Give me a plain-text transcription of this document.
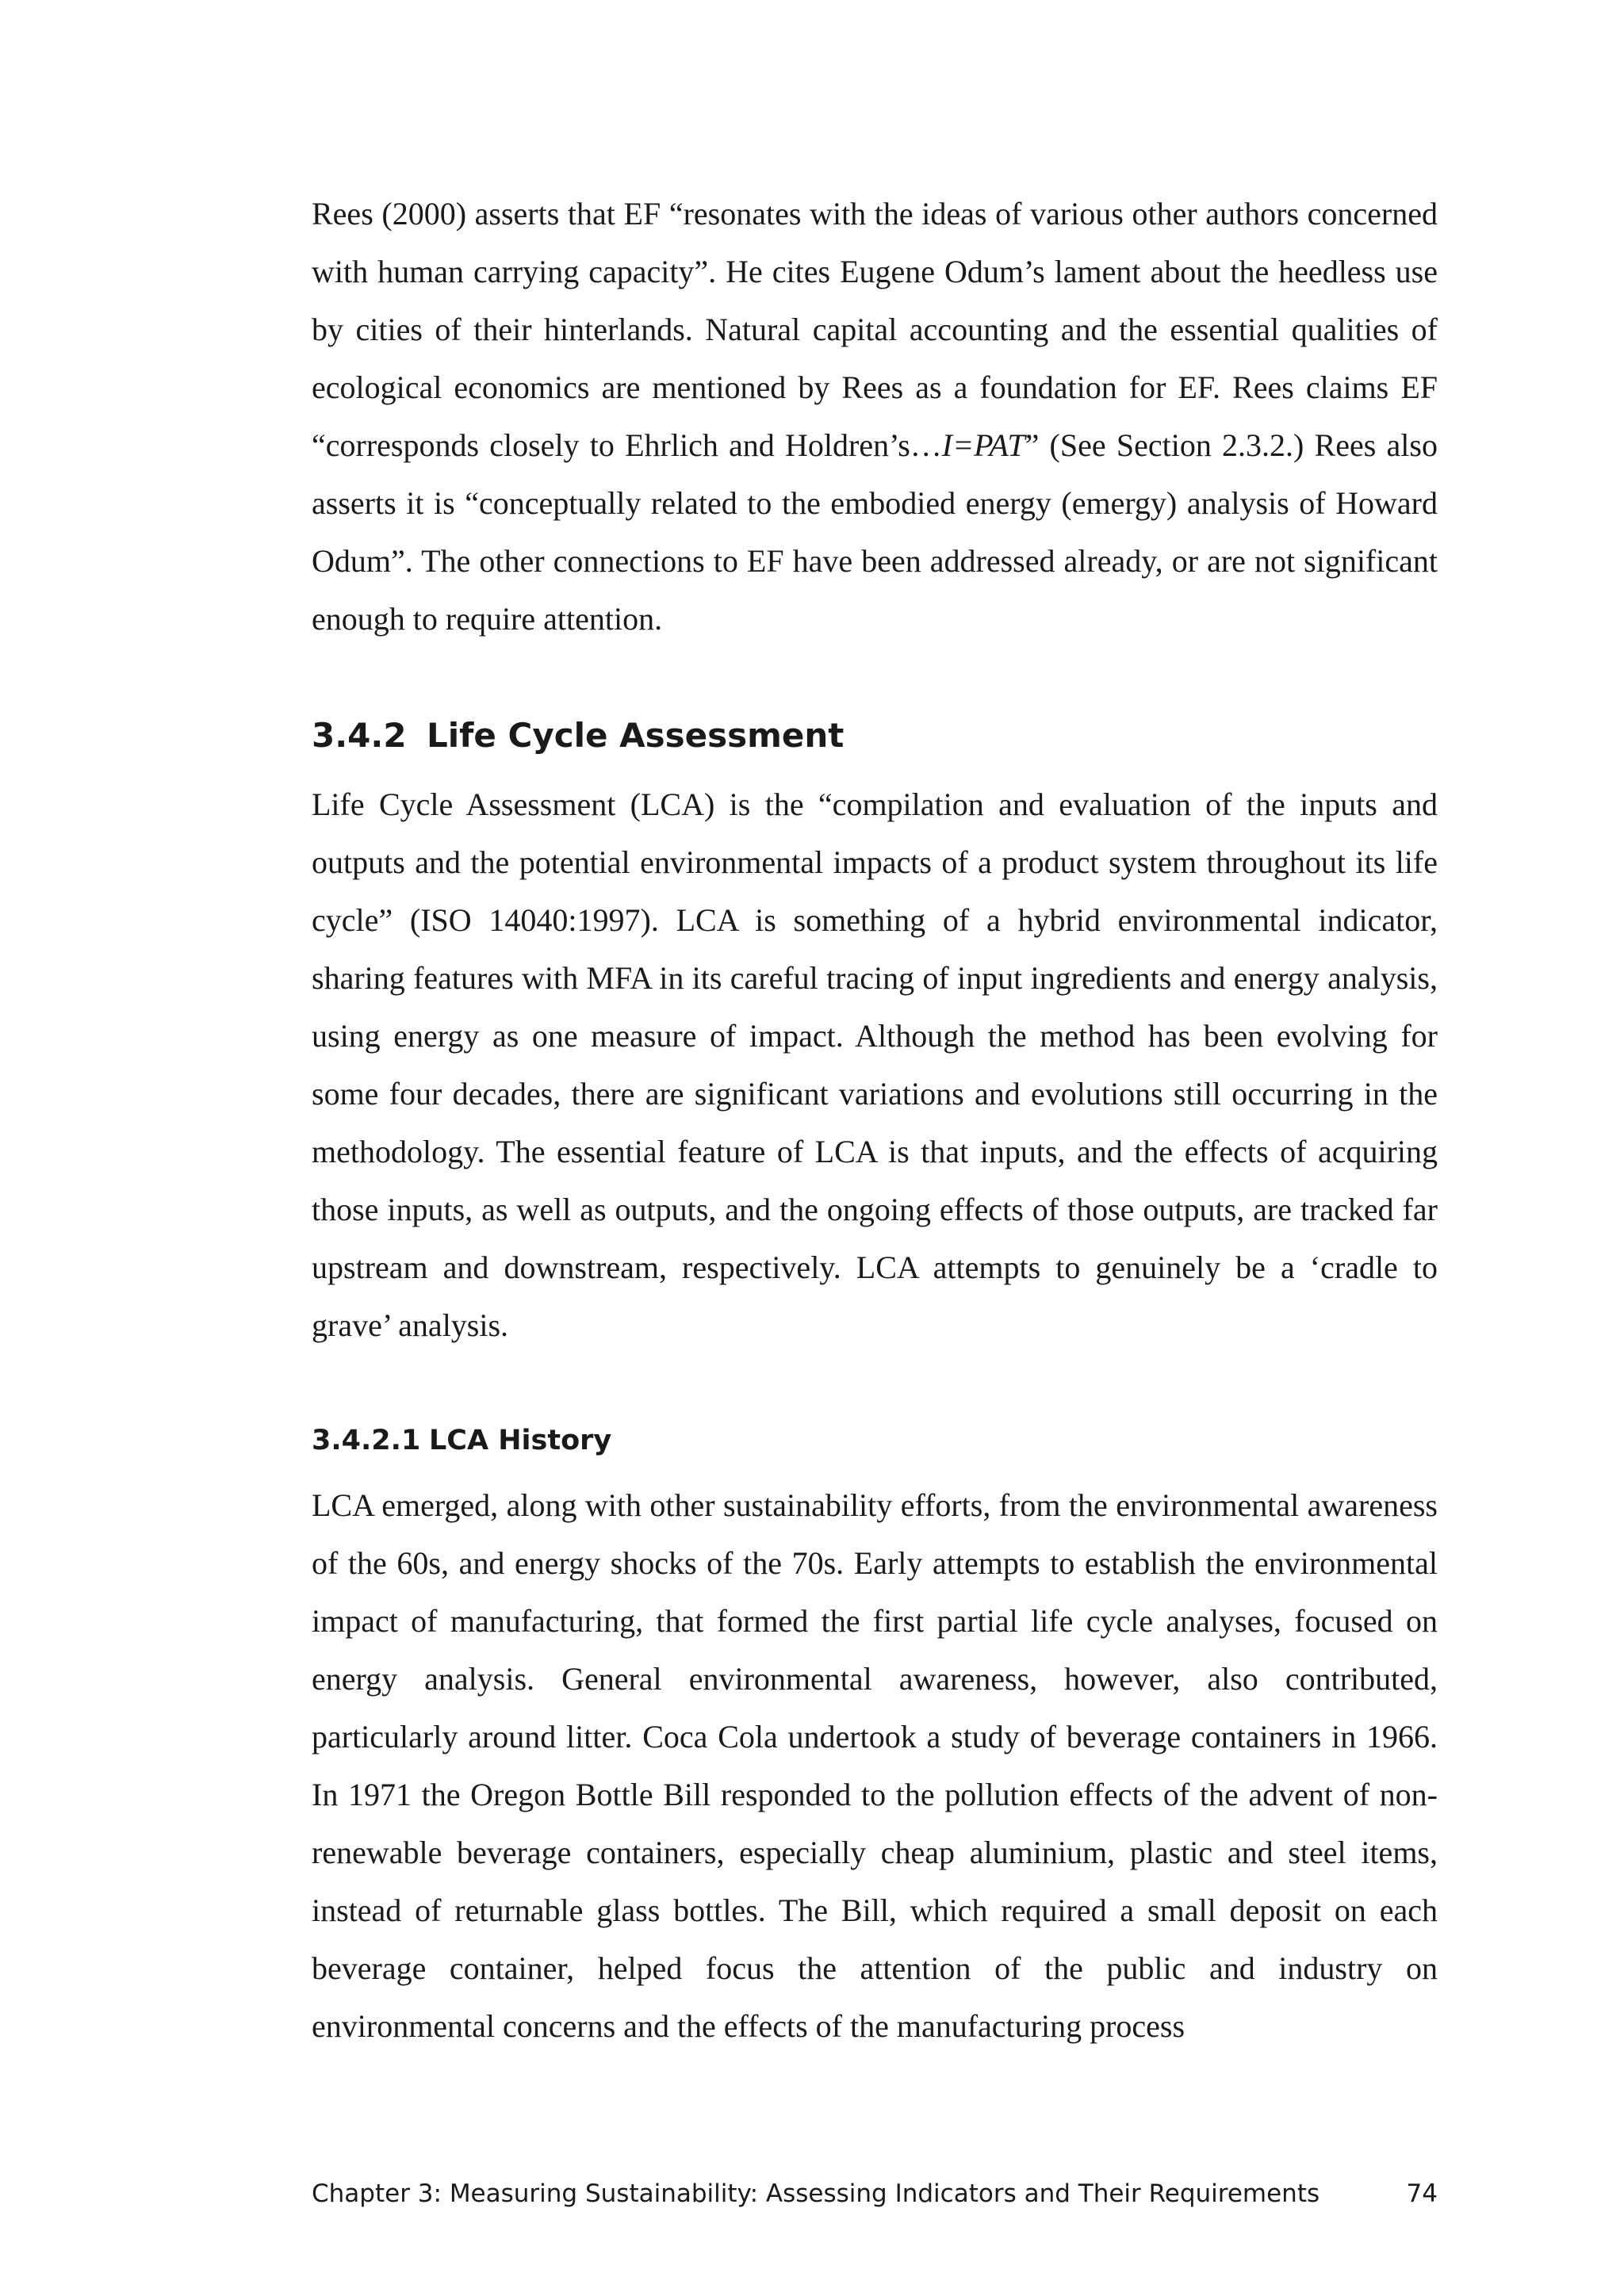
Rees (2000) asserts that EF “resonates with the ideas of various other authors concerned with human carrying capacity”. He cites Eugene Odum’s lament about the heedless use by cities of their hinterlands. Natural capital accounting and the essential qualities of ecological economics are mentioned by Rees as a foundation for EF. Rees claims EF “corresponds closely to Ehrlich and Holdren’s…I=PAT” (See Section 2.3.2.) Rees also asserts it is “conceptually related to the embodied energy (emergy) analysis of Howard Odum”. The other connections to EF have been addressed already, or are not significant enough to require attention.

3.4.2 Life Cycle Assessment

Life Cycle Assessment (LCA) is the “compilation and evaluation of the inputs and outputs and the potential environmental impacts of a product system throughout its life cycle” (ISO 14040:1997). LCA is something of a hybrid environmental indicator, sharing features with MFA in its careful tracing of input ingredients and energy analysis, using energy as one measure of impact. Although the method has been evolving for some four decades, there are significant variations and evolutions still occurring in the methodology. The essential feature of LCA is that inputs, and the effects of acquiring those inputs, as well as outputs, and the ongoing effects of those outputs, are tracked far upstream and downstream, respectively. LCA attempts to genuinely be a ‘cradle to grave’ analysis.

3.4.2.1 LCA History

LCA emerged, along with other sustainability efforts, from the environmental awareness of the 60s, and energy shocks of the 70s. Early attempts to establish the environmental impact of manufacturing, that formed the first partial life cycle analyses, focused on energy analysis. General environmental awareness, however, also contributed, particularly around litter. Coca Cola undertook a study of beverage containers in 1966. In 1971 the Oregon Bottle Bill responded to the pollution effects of the advent of non-renewable beverage containers, especially cheap aluminium, plastic and steel items, instead of returnable glass bottles. The Bill, which required a small deposit on each beverage container, helped focus the attention of the public and industry on environmental concerns and the effects of the manufacturing process

Chapter 3: Measuring Sustainability: Assessing Indicators and Their Requirements	74
